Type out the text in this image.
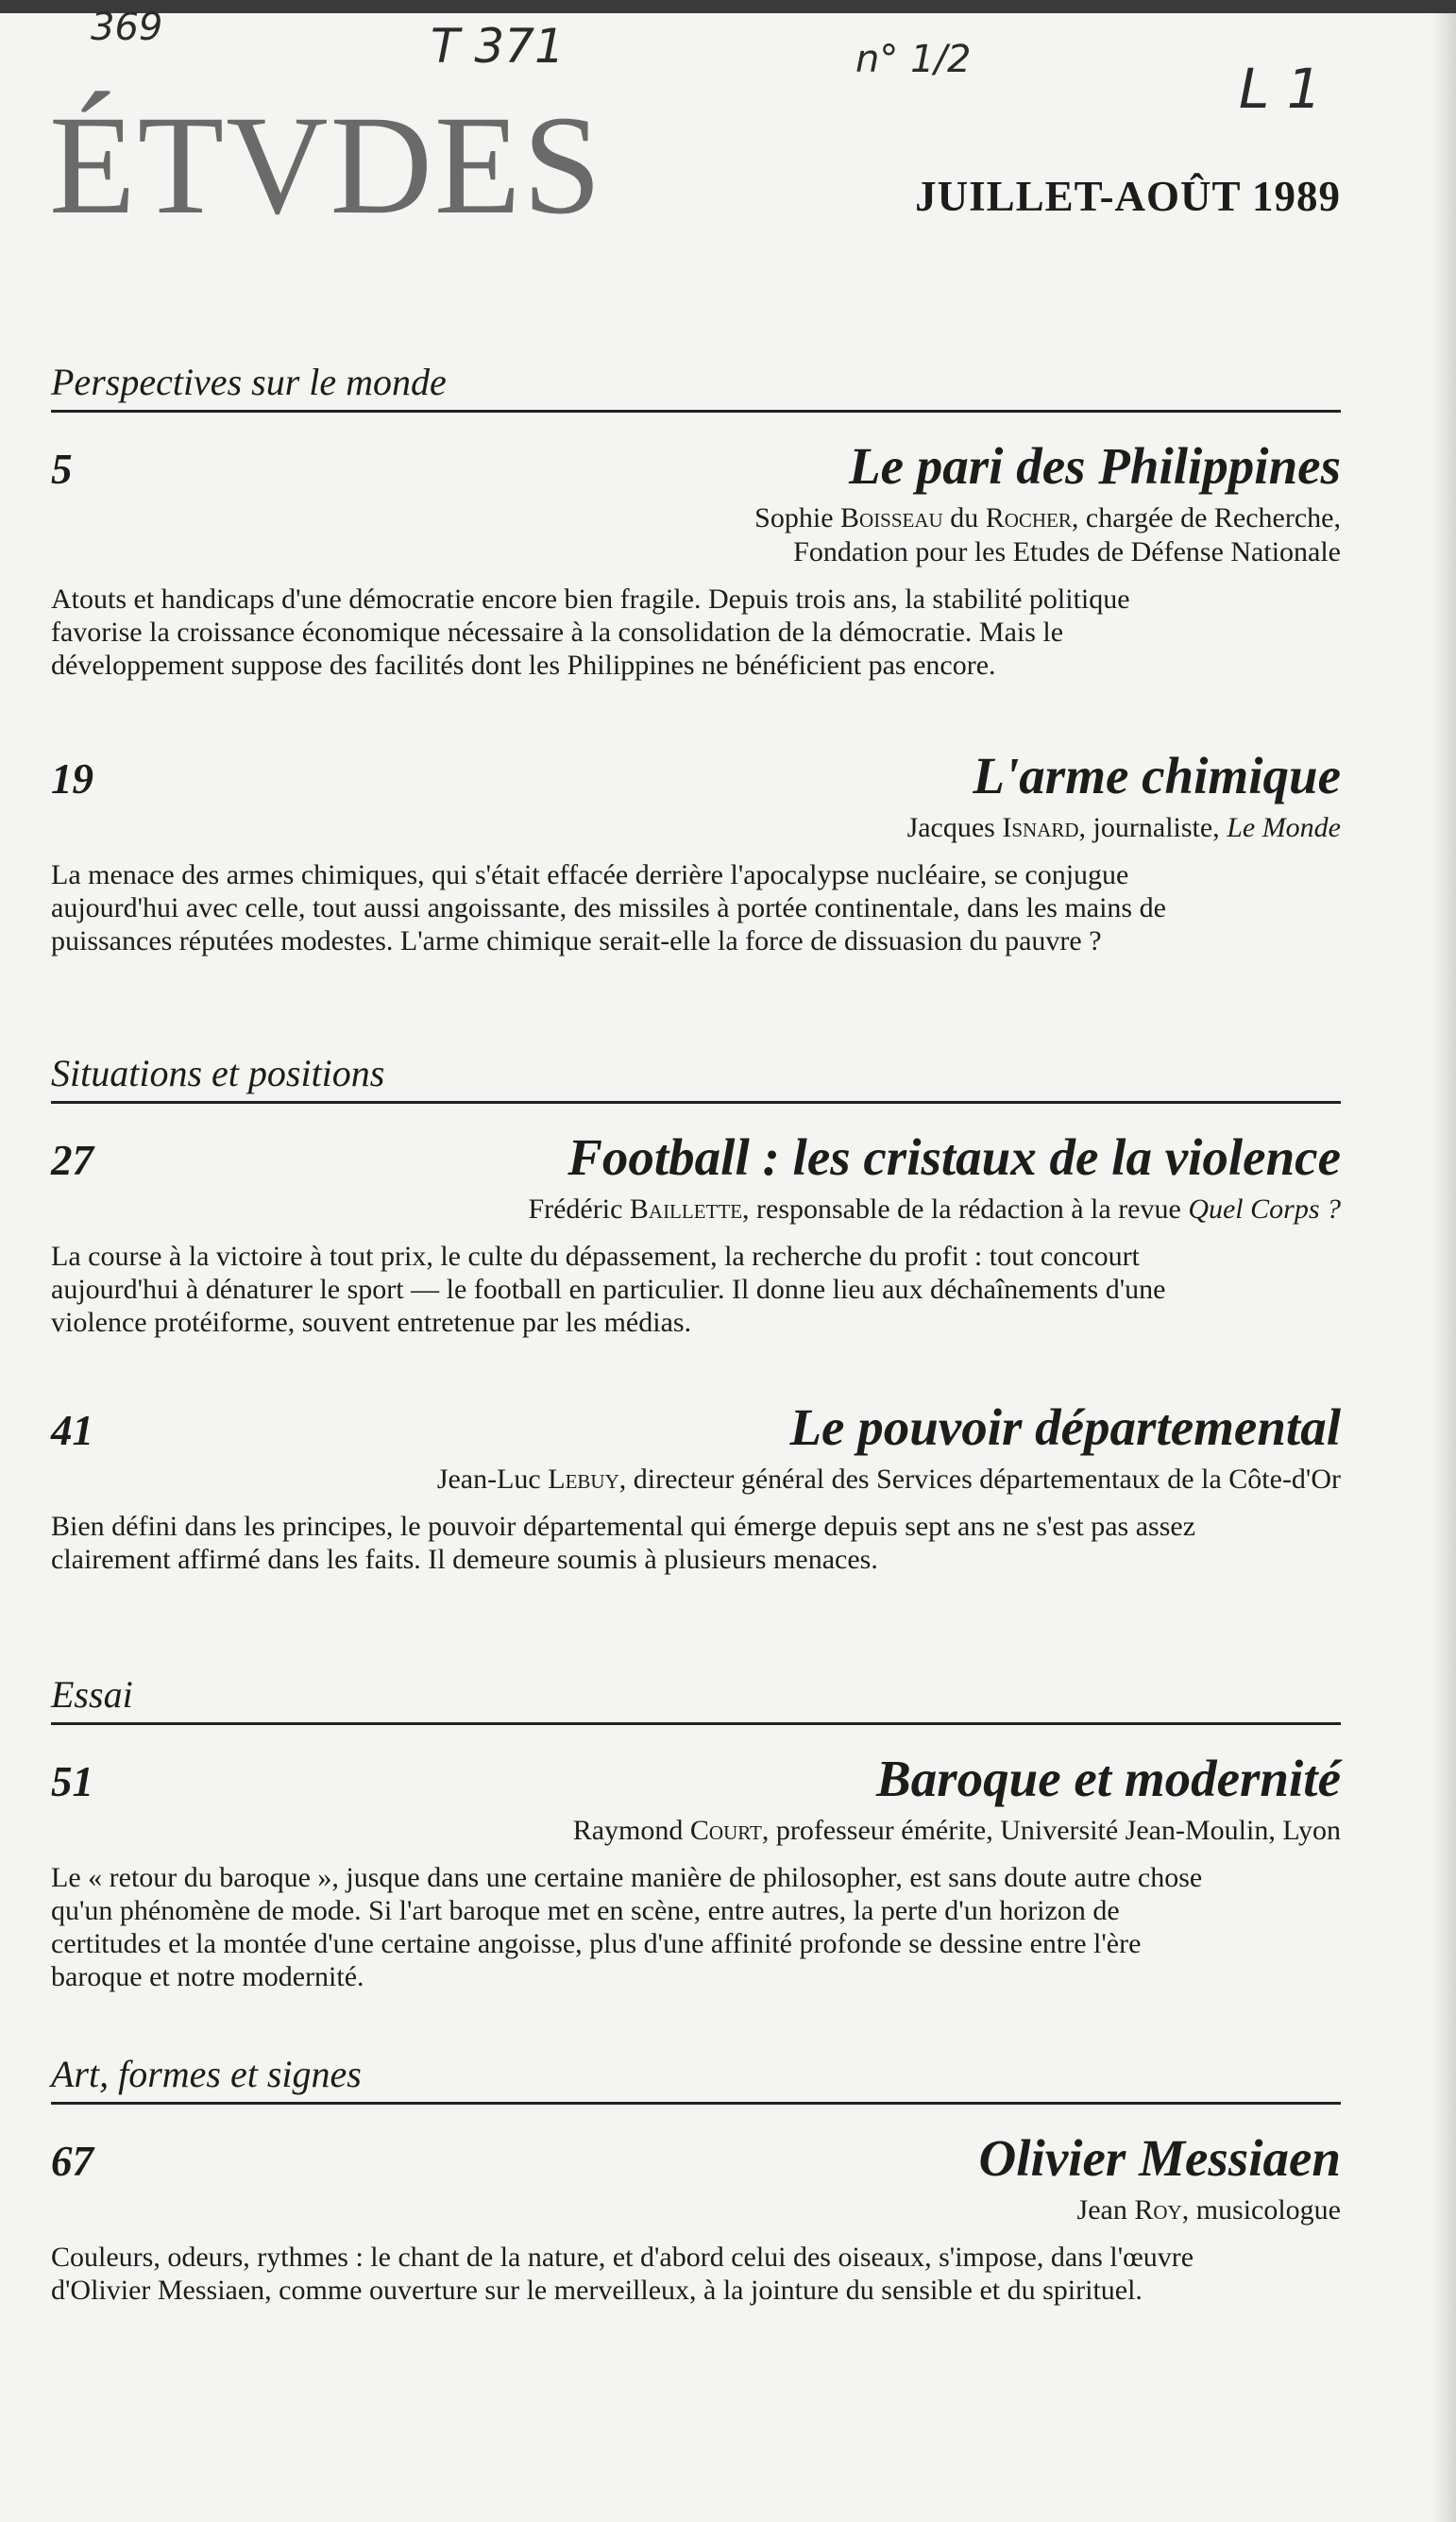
369	T 371	n° 1/2	L 1
ÉTVDES	JUILLET-AOÛT 1989
Perspectives sur le monde
5	Le pari des Philippines
Sophie Boisseau du Rocher, chargée de Recherche,
Fondation pour les Etudes de Défense Nationale
Atouts et handicaps d'une démocratie encore bien fragile. Depuis trois ans, la stabilité politique favorise la croissance économique nécessaire à la consolidation de la démocratie. Mais le développement suppose des facilités dont les Philippines ne bénéficient pas encore.
19	L'arme chimique
Jacques Isnard, journaliste, Le Monde
La menace des armes chimiques, qui s'était effacée derrière l'apocalypse nucléaire, se conjugue aujourd'hui avec celle, tout aussi angoissante, des missiles à portée continentale, dans les mains de puissances réputées modestes. L'arme chimique serait-elle la force de dissuasion du pauvre ?
Situations et positions
27	Football : les cristaux de la violence
Frédéric Baillette, responsable de la rédaction à la revue Quel Corps ?
La course à la victoire à tout prix, le culte du dépassement, la recherche du profit : tout concourt aujourd'hui à dénaturer le sport — le football en particulier. Il donne lieu aux déchaînements d'une violence protéiforme, souvent entretenue par les médias.
41	Le pouvoir départemental
Jean-Luc Lebuy, directeur général des Services départementaux de la Côte-d'Or
Bien défini dans les principes, le pouvoir départemental qui émerge depuis sept ans ne s'est pas assez clairement affirmé dans les faits. Il demeure soumis à plusieurs menaces.
Essai
51	Baroque et modernité
Raymond Court, professeur émérite, Université Jean-Moulin, Lyon
Le « retour du baroque », jusque dans une certaine manière de philosopher, est sans doute autre chose qu'un phénomène de mode. Si l'art baroque met en scène, entre autres, la perte d'un horizon de certitudes et la montée d'une certaine angoisse, plus d'une affinité profonde se dessine entre l'ère baroque et notre modernité.
Art, formes et signes
67	Olivier Messiaen
Jean Roy, musicologue
Couleurs, odeurs, rythmes : le chant de la nature, et d'abord celui des oiseaux, s'impose, dans l'œuvre d'Olivier Messiaen, comme ouverture sur le merveilleux, à la jointure du sensible et du spirituel.
